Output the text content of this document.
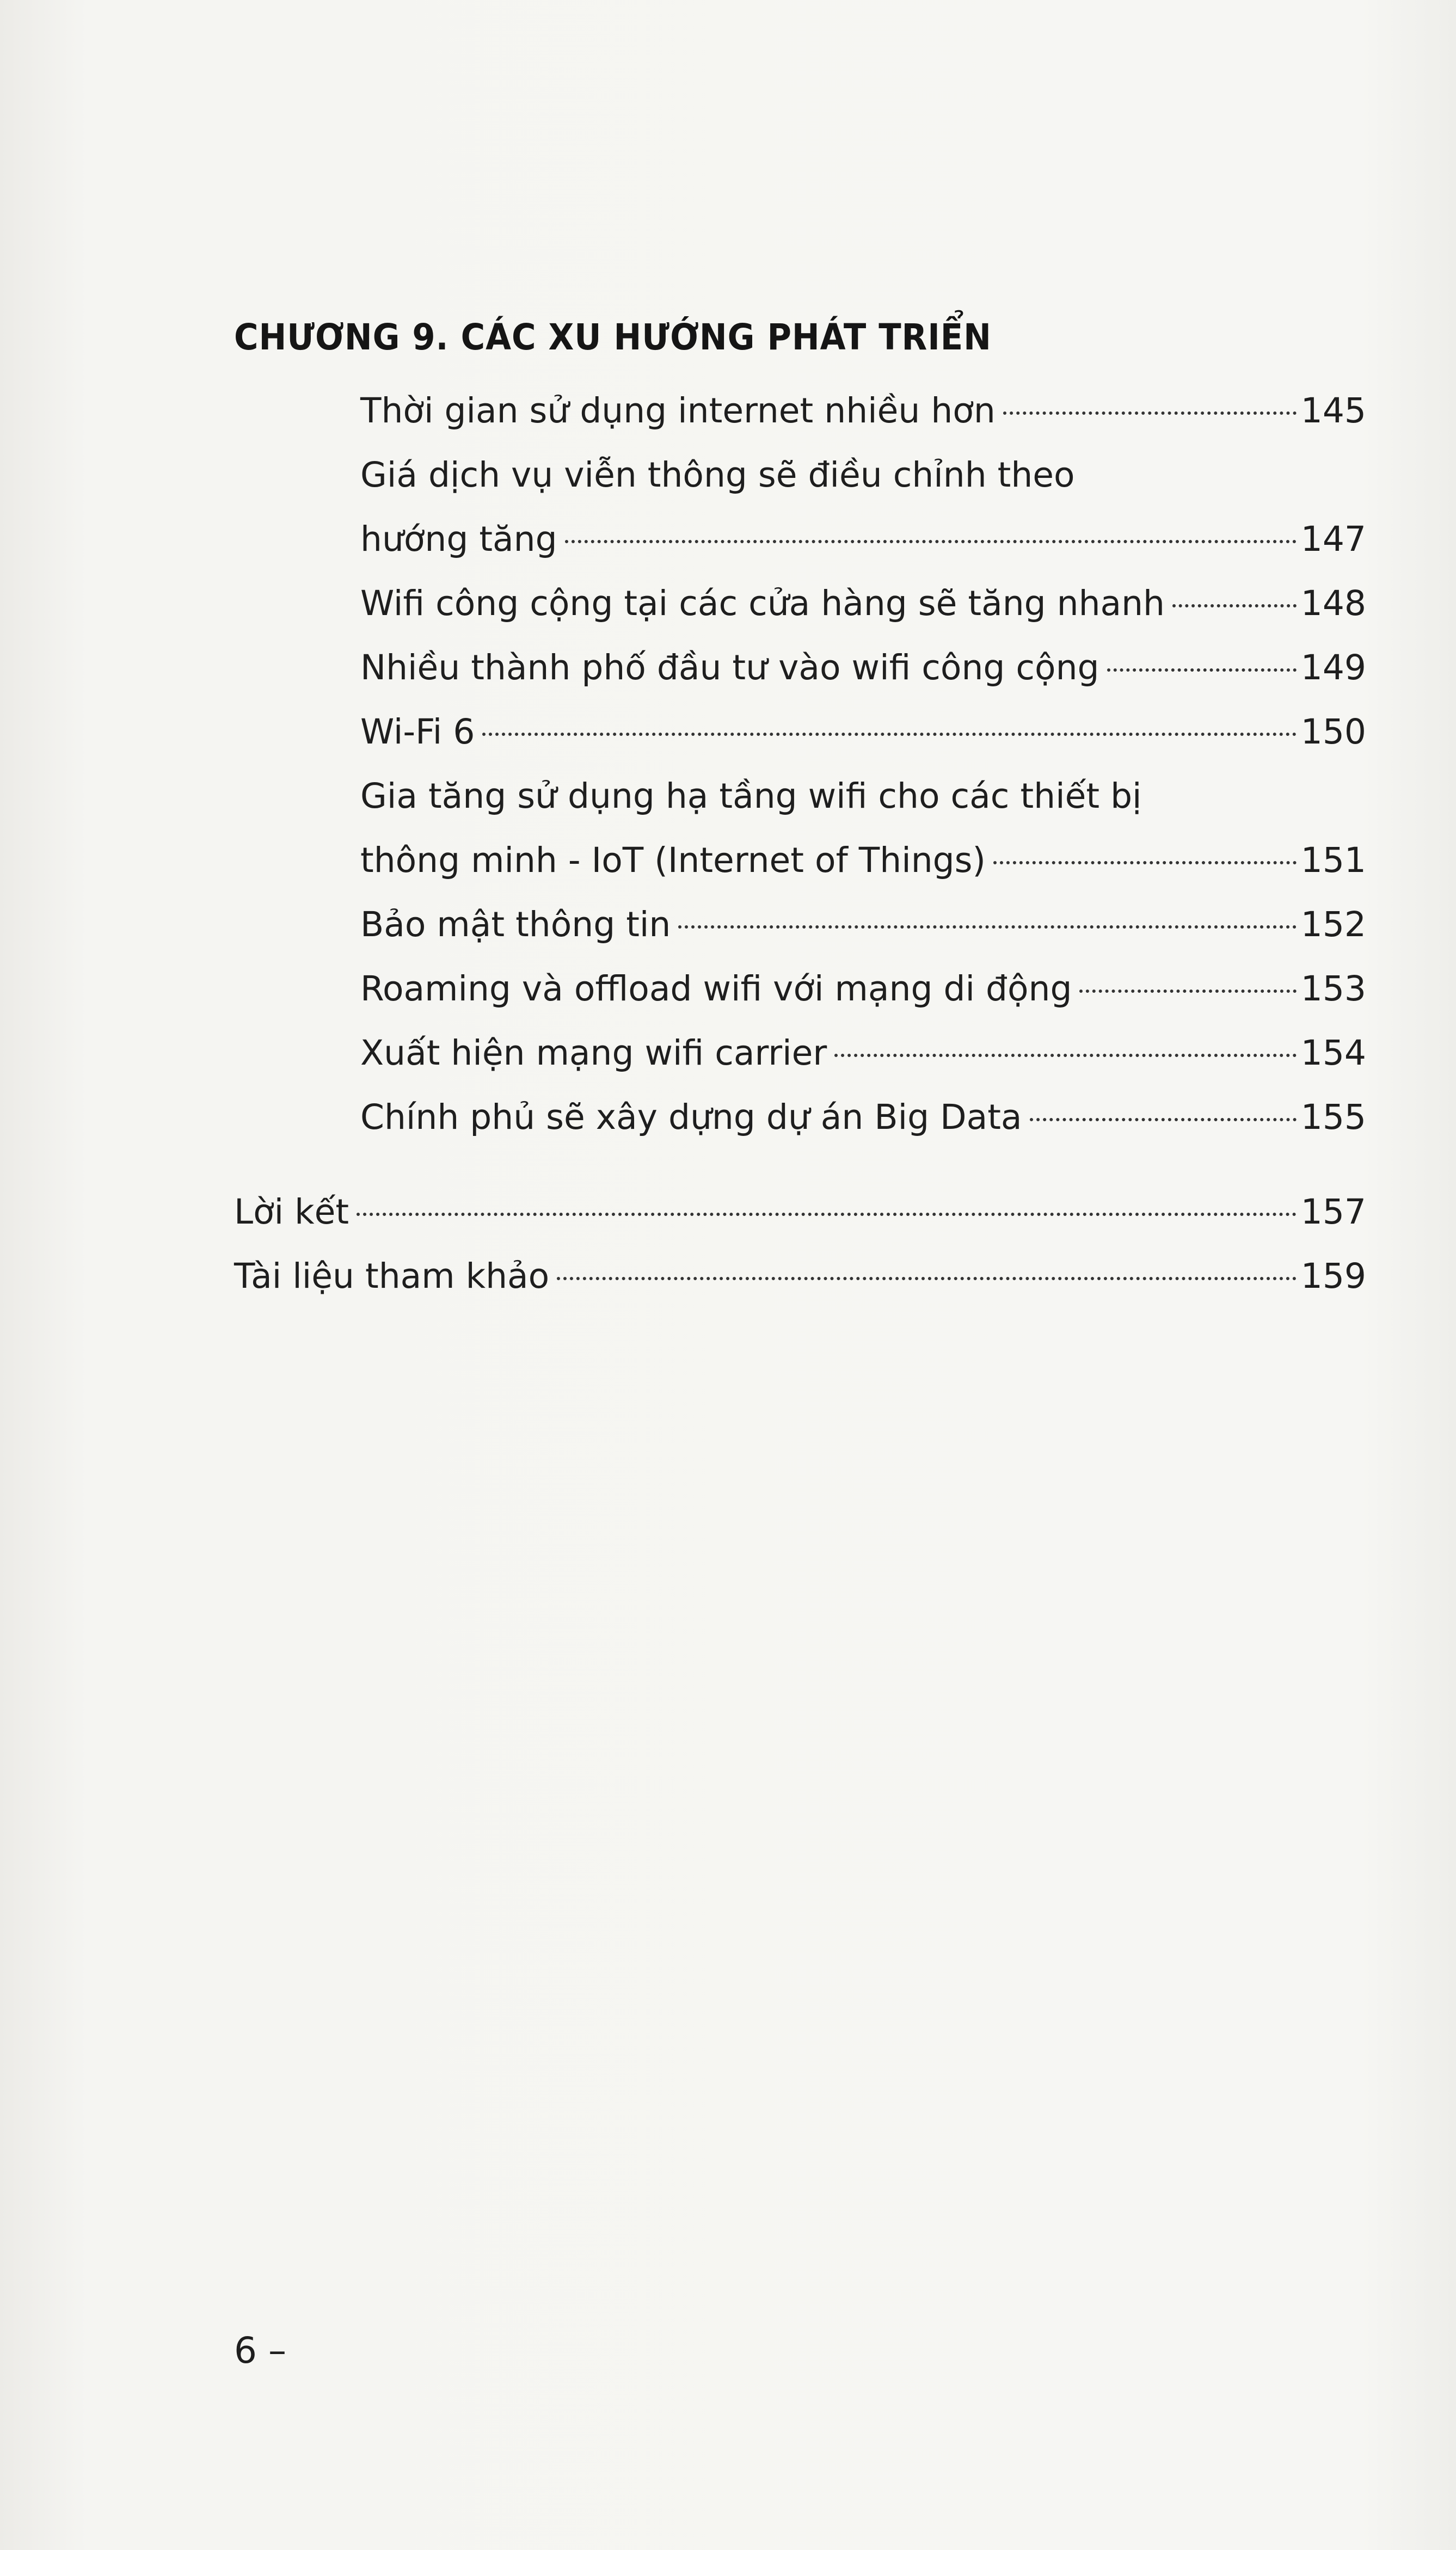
CHƯƠNG 9. CÁC XU HƯỚNG PHÁT TRIỂN
Thời gian sử dụng internet nhiều hơn	145
Giá dịch vụ viễn thông sẽ điều chỉnh theo
hướng tăng	147
Wifi công cộng tại các cửa hàng sẽ tăng nhanh	148
Nhiều thành phố đầu tư vào wifi công cộng	149
Wi-Fi 6	150
Gia tăng sử dụng hạ tầng wifi cho các thiết bị
thông minh - IoT (Internet of Things)	151
Bảo mật thông tin	152
Roaming và offload wifi với mạng di động	153
Xuất hiện mạng wifi carrier	154
Chính phủ sẽ xây dựng dự án Big Data	155
Lời kết	157
Tài liệu tham khảo	159
6 –
